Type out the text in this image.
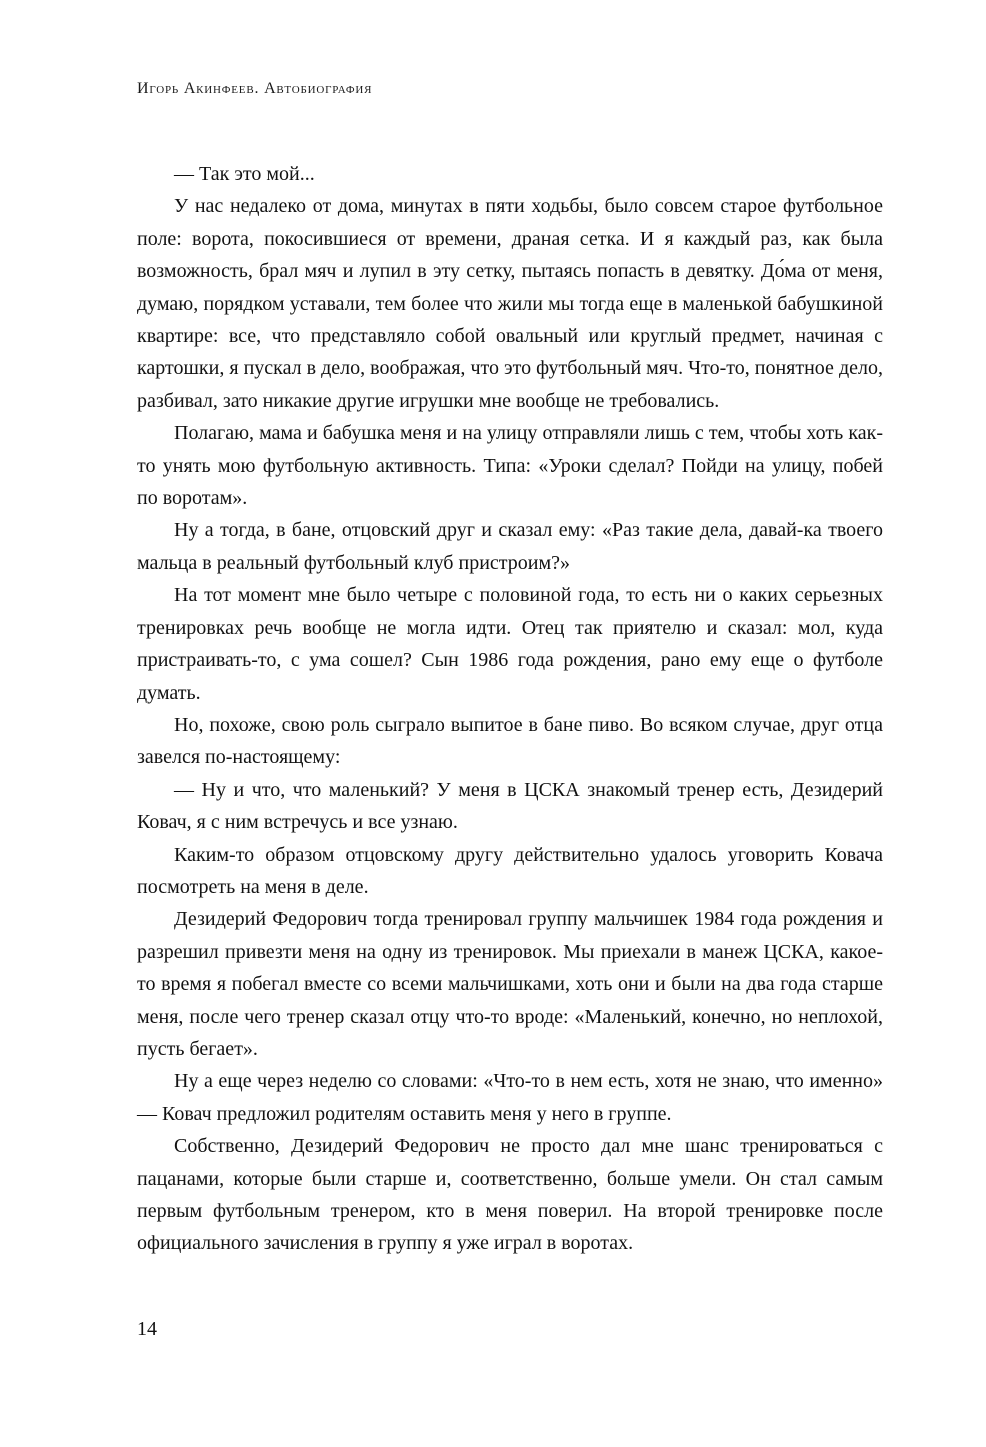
Игорь Акинфеев. Автобиография

— Так это мой...

У нас недалеко от дома, минутах в пяти ходьбы, было совсем старое футбольное поле: ворота, покосившиеся от времени, драная сетка. И я каждый раз, как была возможность, брал мяч и лупил в эту сетку, пытаясь попасть в девятку. До́ма от меня, думаю, порядком уставали, тем более что жили мы тогда еще в маленькой бабушкиной квартире: все, что представляло собой овальный или круглый предмет, начиная с картошки, я пускал в дело, воображая, что это футбольный мяч. Что-то, понятное дело, разбивал, зато никакие другие игрушки мне вообще не требовались.

Полагаю, мама и бабушка меня и на улицу отправляли лишь с тем, чтобы хоть как-то унять мою футбольную активность. Типа: «Уроки сделал? Пойди на улицу, побей по воротам».

Ну а тогда, в бане, отцовский друг и сказал ему: «Раз такие дела, давай-ка твоего мальца в реальный футбольный клуб пристроим?»

На тот момент мне было четыре с половиной года, то есть ни о каких серьезных тренировках речь вообще не могла идти. Отец так приятелю и сказал: мол, куда пристраивать-то, с ума сошел? Сын 1986 года рождения, рано ему еще о футболе думать.

Но, похоже, свою роль сыграло выпитое в бане пиво. Во всяком случае, друг отца завелся по-настоящему:

— Ну и что, что маленький? У меня в ЦСКА знакомый тренер есть, Дезидерий Ковач, я с ним встречусь и все узнаю.

Каким-то образом отцовскому другу действительно удалось уговорить Ковача посмотреть на меня в деле.

Дезидерий Федорович тогда тренировал группу мальчишек 1984 года рождения и разрешил привезти меня на одну из тренировок. Мы приехали в манеж ЦСКА, какое-то время я побегал вместе со всеми мальчишками, хоть они и были на два года старше меня, после чего тренер сказал отцу что-то вроде: «Маленький, конечно, но неплохой, пусть бегает».

Ну а еще через неделю со словами: «Что-то в нем есть, хотя не знаю, что именно» — Ковач предложил родителям оставить меня у него в группе.

Собственно, Дезидерий Федорович не просто дал мне шанс тренироваться с пацанами, которые были старше и, соответственно, больше умели. Он стал самым первым футбольным тренером, кто в меня поверил. На второй тренировке после официального зачисления в группу я уже играл в воротах.

14
